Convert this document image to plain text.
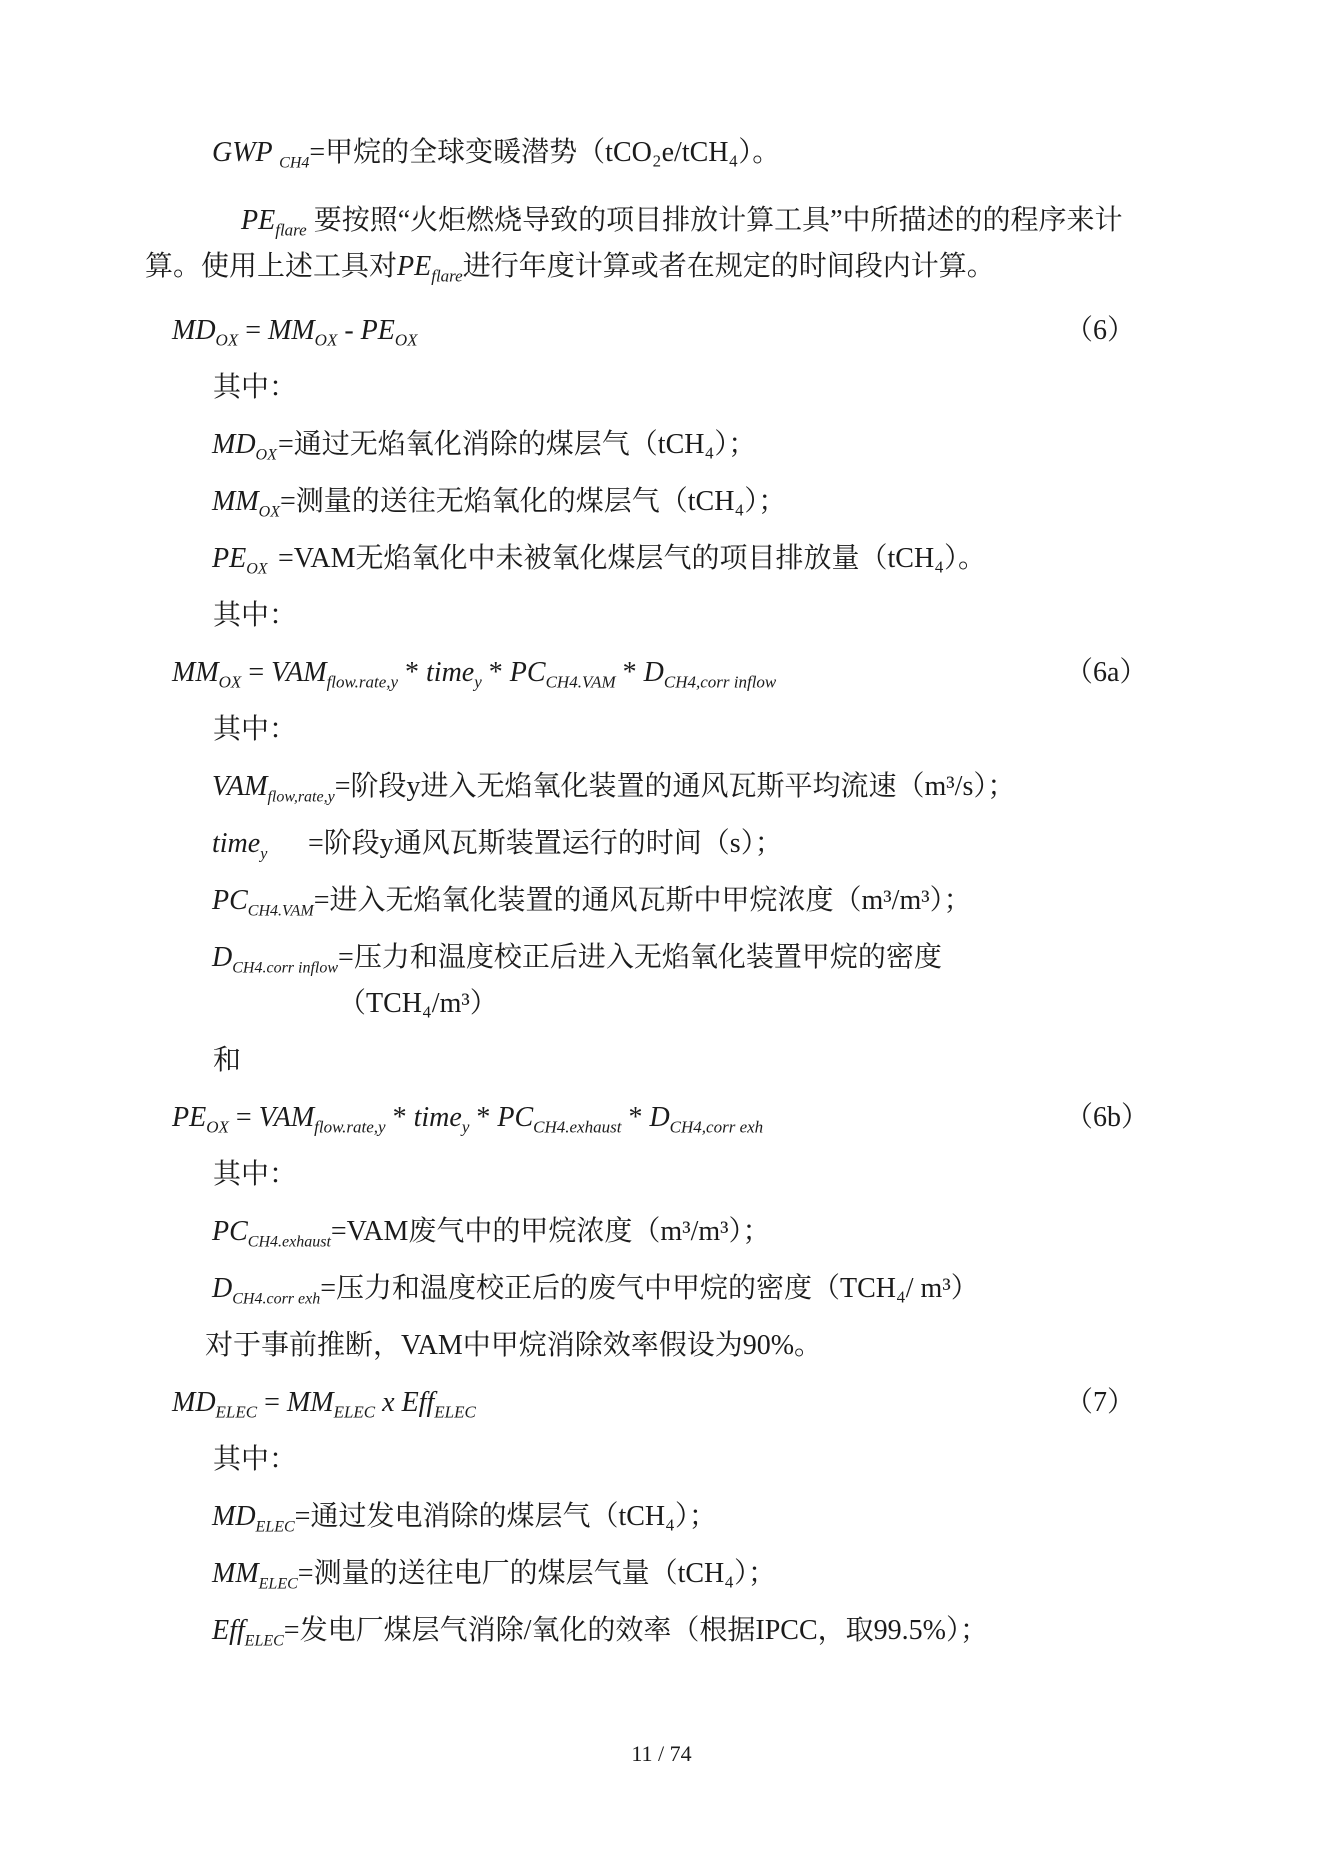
GWP $_{CH4}$ =甲烷的全球变暖潜势（tCO₂e/tCH₄）。

$PE_{flare}$ 要按照“火炬燃烧导致的项目排放计算工具”中所描述的的程序来计算。使用上述工具对$PE_{flare}$进行年度计算或者在规定的时间段内计算。

$MD_{OX} = MM_{OX} - PE_{OX}$	（6）
其中：
$MD_{OX}$ =通过无焰氧化消除的煤层气（tCH₄）；
$MM_{OX}$ =测量的送往无焰氧化的煤层气（tCH₄）；
$PE_{OX} =VAM$无焰氧化中未被氧化煤层气的项目排放量（tCH₄）。
其中：
$MM_{OX} = VAM_{flow.rate,y}$ * time$_y$ * $PC_{CH4.VAM} * D_{CH4,corr inflow}$	（6a）
其中：
$VAM_{flow,rate,y}$ =阶段y进入无焰氧化装置的通风瓦斯平均流速（m³/s）；
time$_y$	=阶段y通风瓦斯装置运行的时间（s）；
$PC_{CH4.VAM}$ =进入无焰氧化装置的通风瓦斯中甲烷浓度（m³/m³）；
$D_{CH4.corr inflow}$ =压力和温度校正后进入无焰氧化装置甲烷的密度
（TCH₄/m³）
和
$PE_{OX} = VAM_{flow.rate,y}$ * time$_y$ * $PC_{CH4.exhaust} * D_{CH4,corr exh}$	（6b）
其中：
$PC_{CH4.exhaust} =VAM$废气中的甲烷浓度（m³/m³）；
$D_{CH4.corr exh}$ =压力和温度校正后的废气中甲烷的密度（TCH₄/ m³）

对于事前推断，VAM中甲烷消除效率假设为90%。

$MD_{ELEC} = MM_{ELEC}$ x Eff$_{ELEC}$	（7）
其中：
$MD_{ELEC}$ =通过发电消除的煤层气（tCH₄）；
$MM_{ELEC}$ =测量的送往电厂的煤层气量（tCH₄）；
Eff$_{ELEC}$ =发电厂煤层气消除/氧化的效率（根据IPCC，取99.5%）；
11 / 74
